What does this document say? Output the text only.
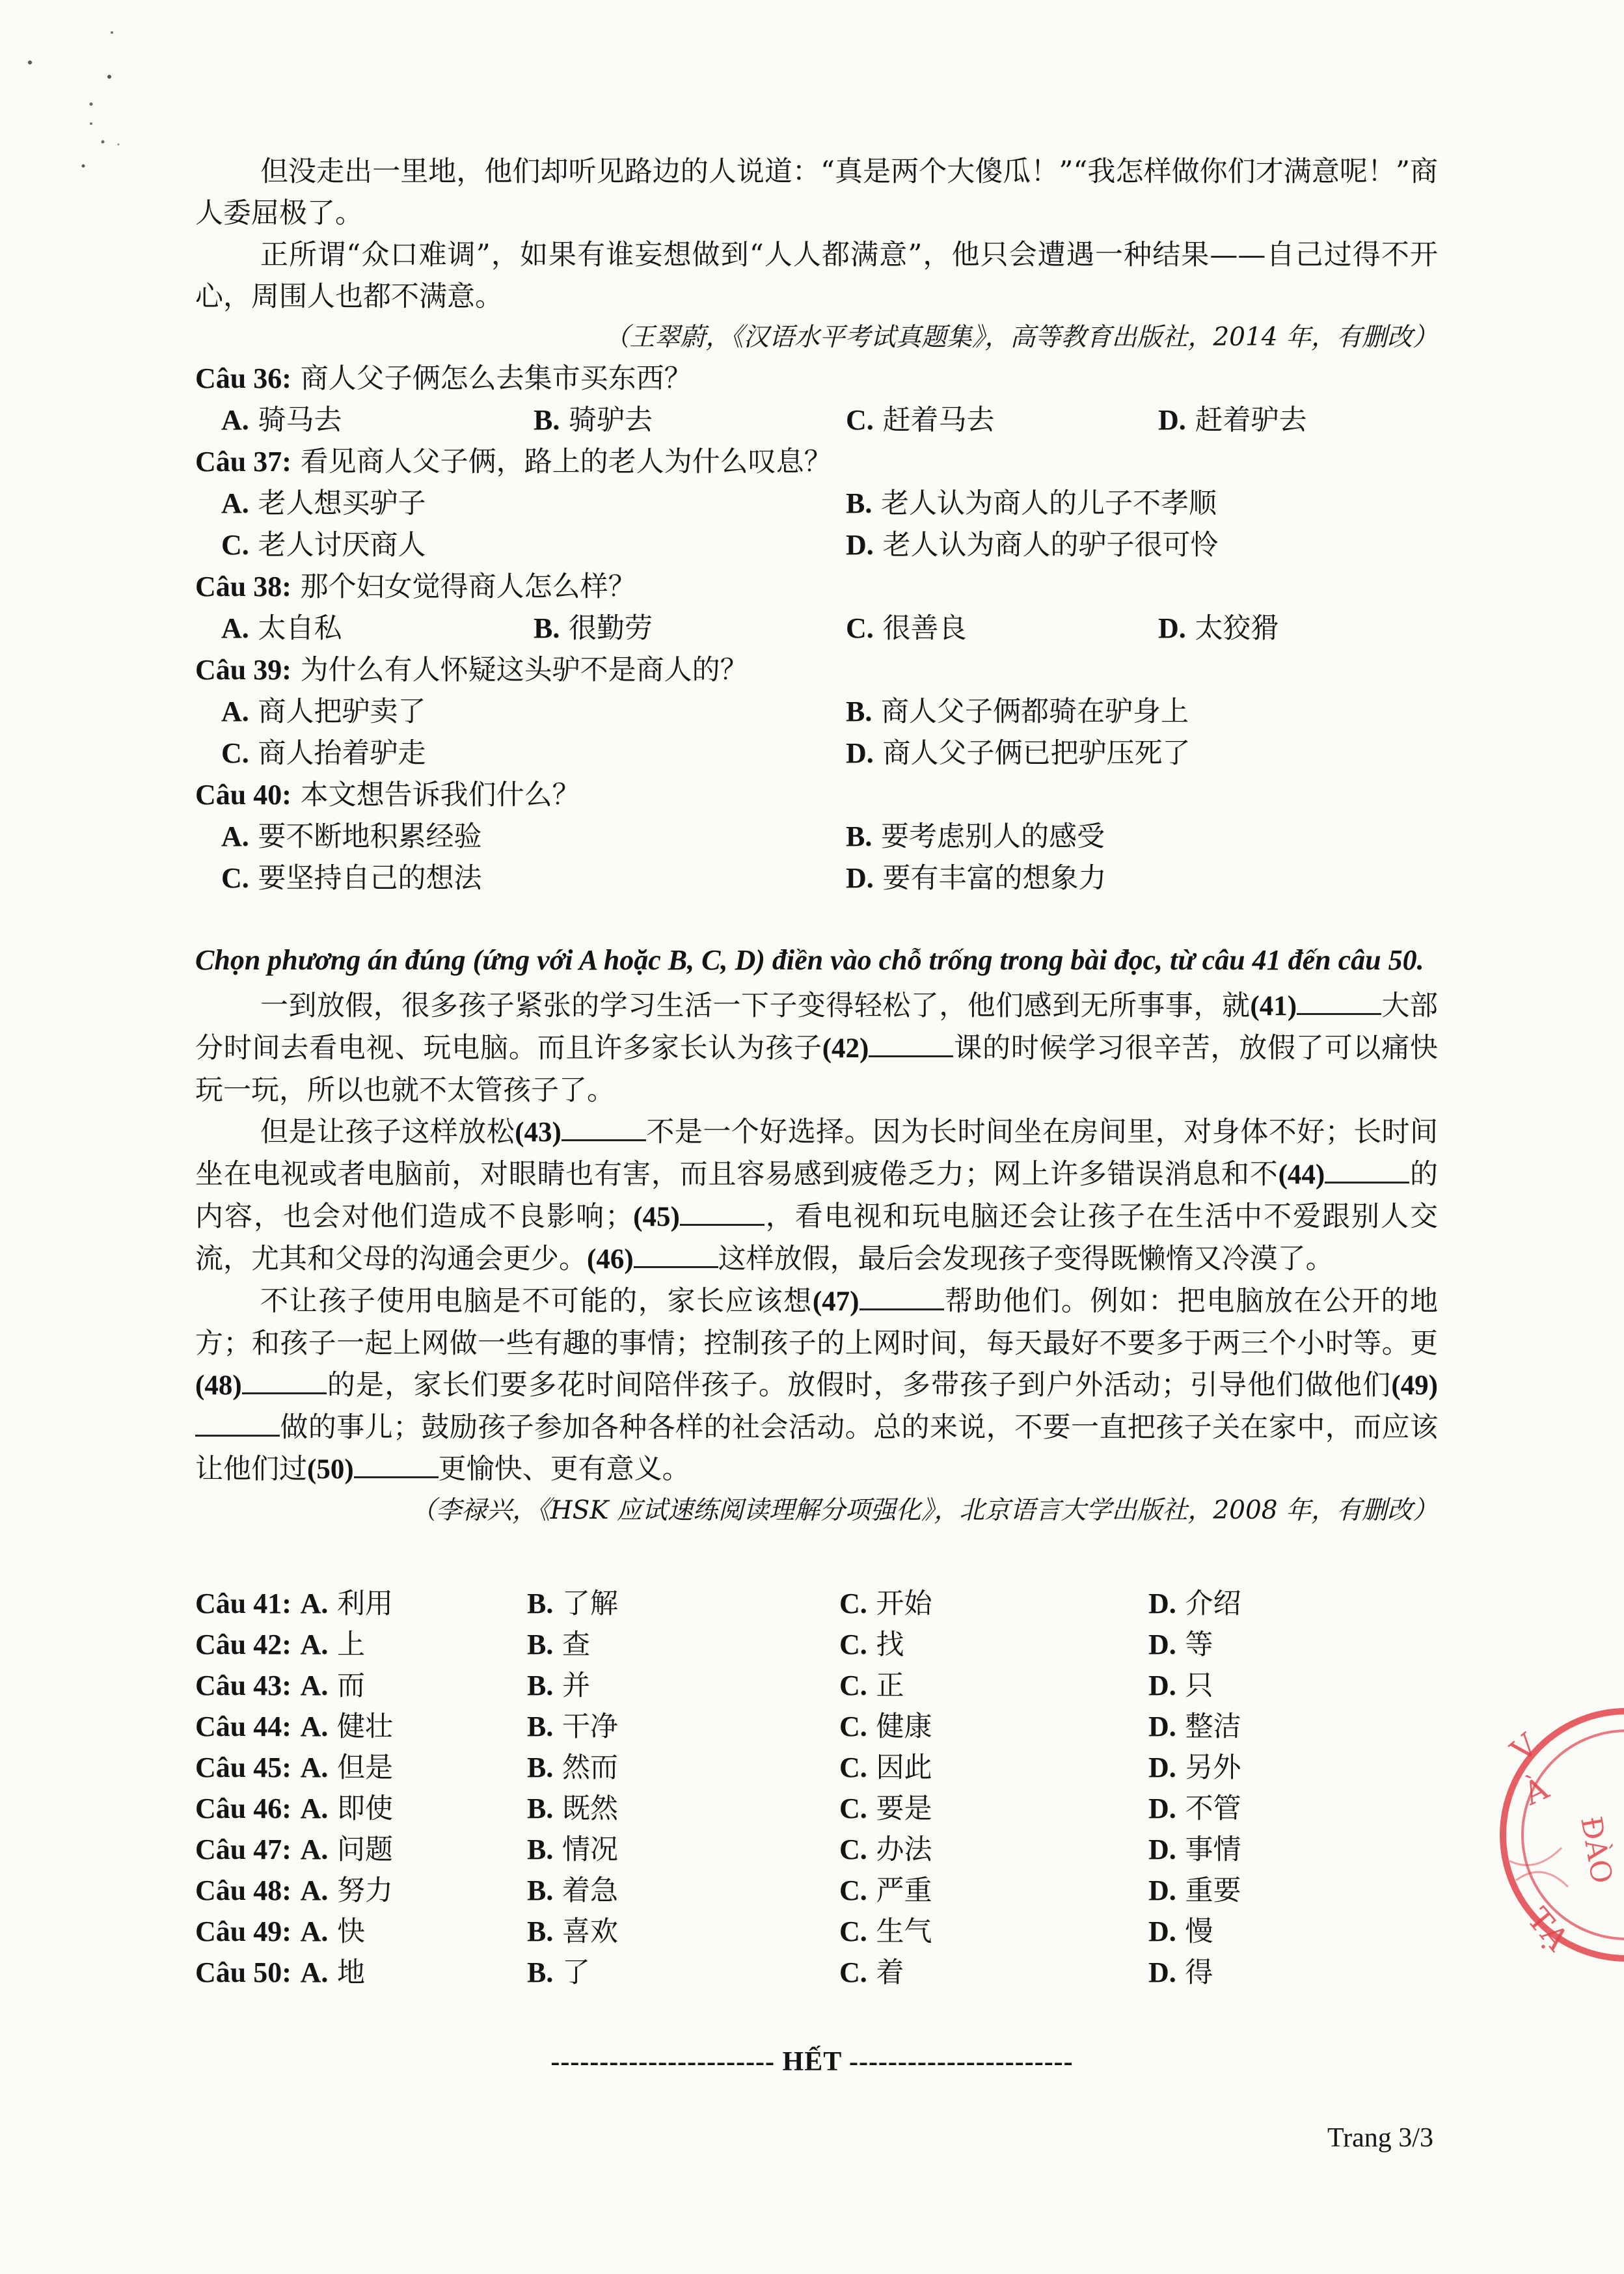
但没走出一里地，他们却听见路边的人说道：“真是两个大傻瓜！”“我怎样做你们才满意呢！”商人委屈极了。

正所谓“众口难调”，如果有谁妄想做到“人人都满意”，他只会遭遇一种结果——自己过得不开心，周围人也都不满意。

（王翠蔚，《汉语水平考试真题集》，高等教育出版社，2014 年，有删改）

Câu 36: 商人父子俩怎么去集市买东西？

A. 骑马去	B. 骑驴去	C. 赶着马去	D. 赶着驴去

Câu 37: 看见商人父子俩，路上的老人为什么叹息？

A. 老人想买驴子	B. 老人认为商人的儿子不孝顺
C. 老人讨厌商人	D. 老人认为商人的驴子很可怜

Câu 38: 那个妇女觉得商人怎么样？

A. 太自私	B. 很勤劳	C. 很善良	D. 太狡猾

Câu 39: 为什么有人怀疑这头驴不是商人的？

A. 商人把驴卖了	B. 商人父子俩都骑在驴身上
C. 商人抬着驴走	D. 商人父子俩已把驴压死了

Câu 40: 本文想告诉我们什么？

A. 要不断地积累经验	B. 要考虑别人的感受
C. 要坚持自己的想法	D. 要有丰富的想象力

Chọn phương án đúng (ứng với A hoặc B, C, D) điền vào chỗ trống trong bài đọc, từ câu 41 đến câu 50.

一到放假，很多孩子紧张的学习生活一下子变得轻松了，他们感到无所事事，就(41)	大部分时间去看电视、玩电脑。而且许多家长认为孩子(42)	课的时候学习很辛苦，放假了可以痛快玩一玩，所以也就不太管孩子了。

但是让孩子这样放松(43)	不是一个好选择。因为长时间坐在房间里，对身体不好；长时间坐在电视或者电脑前，对眼睛也有害，而且容易感到疲倦乏力；网上许多错误消息和不(44)	的内容，也会对他们造成不良影响；(45)	，看电视和玩电脑还会让孩子在生活中不爱跟别人交流，尤其和父母的沟通会更少。(46)	这样放假，最后会发现孩子变得既懒惰又冷漠了。

不让孩子使用电脑是不可能的，家长应该想(47)	帮助他们。例如：把电脑放在公开的地方；和孩子一起上网做一些有趣的事情；控制孩子的上网时间，每天最好不要多于两三个小时等。更(48)	的是，家长们要多花时间陪伴孩子。放假时，多带孩子到户外活动；引导他们做他们(49)做的事儿；鼓励孩子参加各种各样的社会活动。总的来说，不要一直把孩子关在家中，而应该让他们过(50)	更愉快、更有意义。

（李禄兴，《HSK 应试速练阅读理解分项强化》，北京语言大学出版社，2008 年，有删改）

Câu 41: A. 利用	B. 了解	C. 开始	D. 介绍
Câu 42: A. 上	B. 查	C. 找	D. 等
Câu 43: A. 而	B. 并	C. 正	D. 只
Câu 44: A. 健壮	B. 干净	C. 健康	D. 整洁
Câu 45: A. 但是	B. 然而	C. 因此	D. 另外
Câu 46: A. 即使	B. 既然	C. 要是	D. 不管
Câu 47: A. 问题	B. 情况	C. 办法	D. 事情
Câu 48: A. 努力	B. 着急	C. 严重	D. 重要
Câu 49: A. 快	B. 喜欢	C. 生气	D. 慢
Câu 50: A. 地	B. 了	C. 着	D. 得
----------------------- HẾT -----------------------
Trang 3/3
V
À
ĐÀO
TẠ
